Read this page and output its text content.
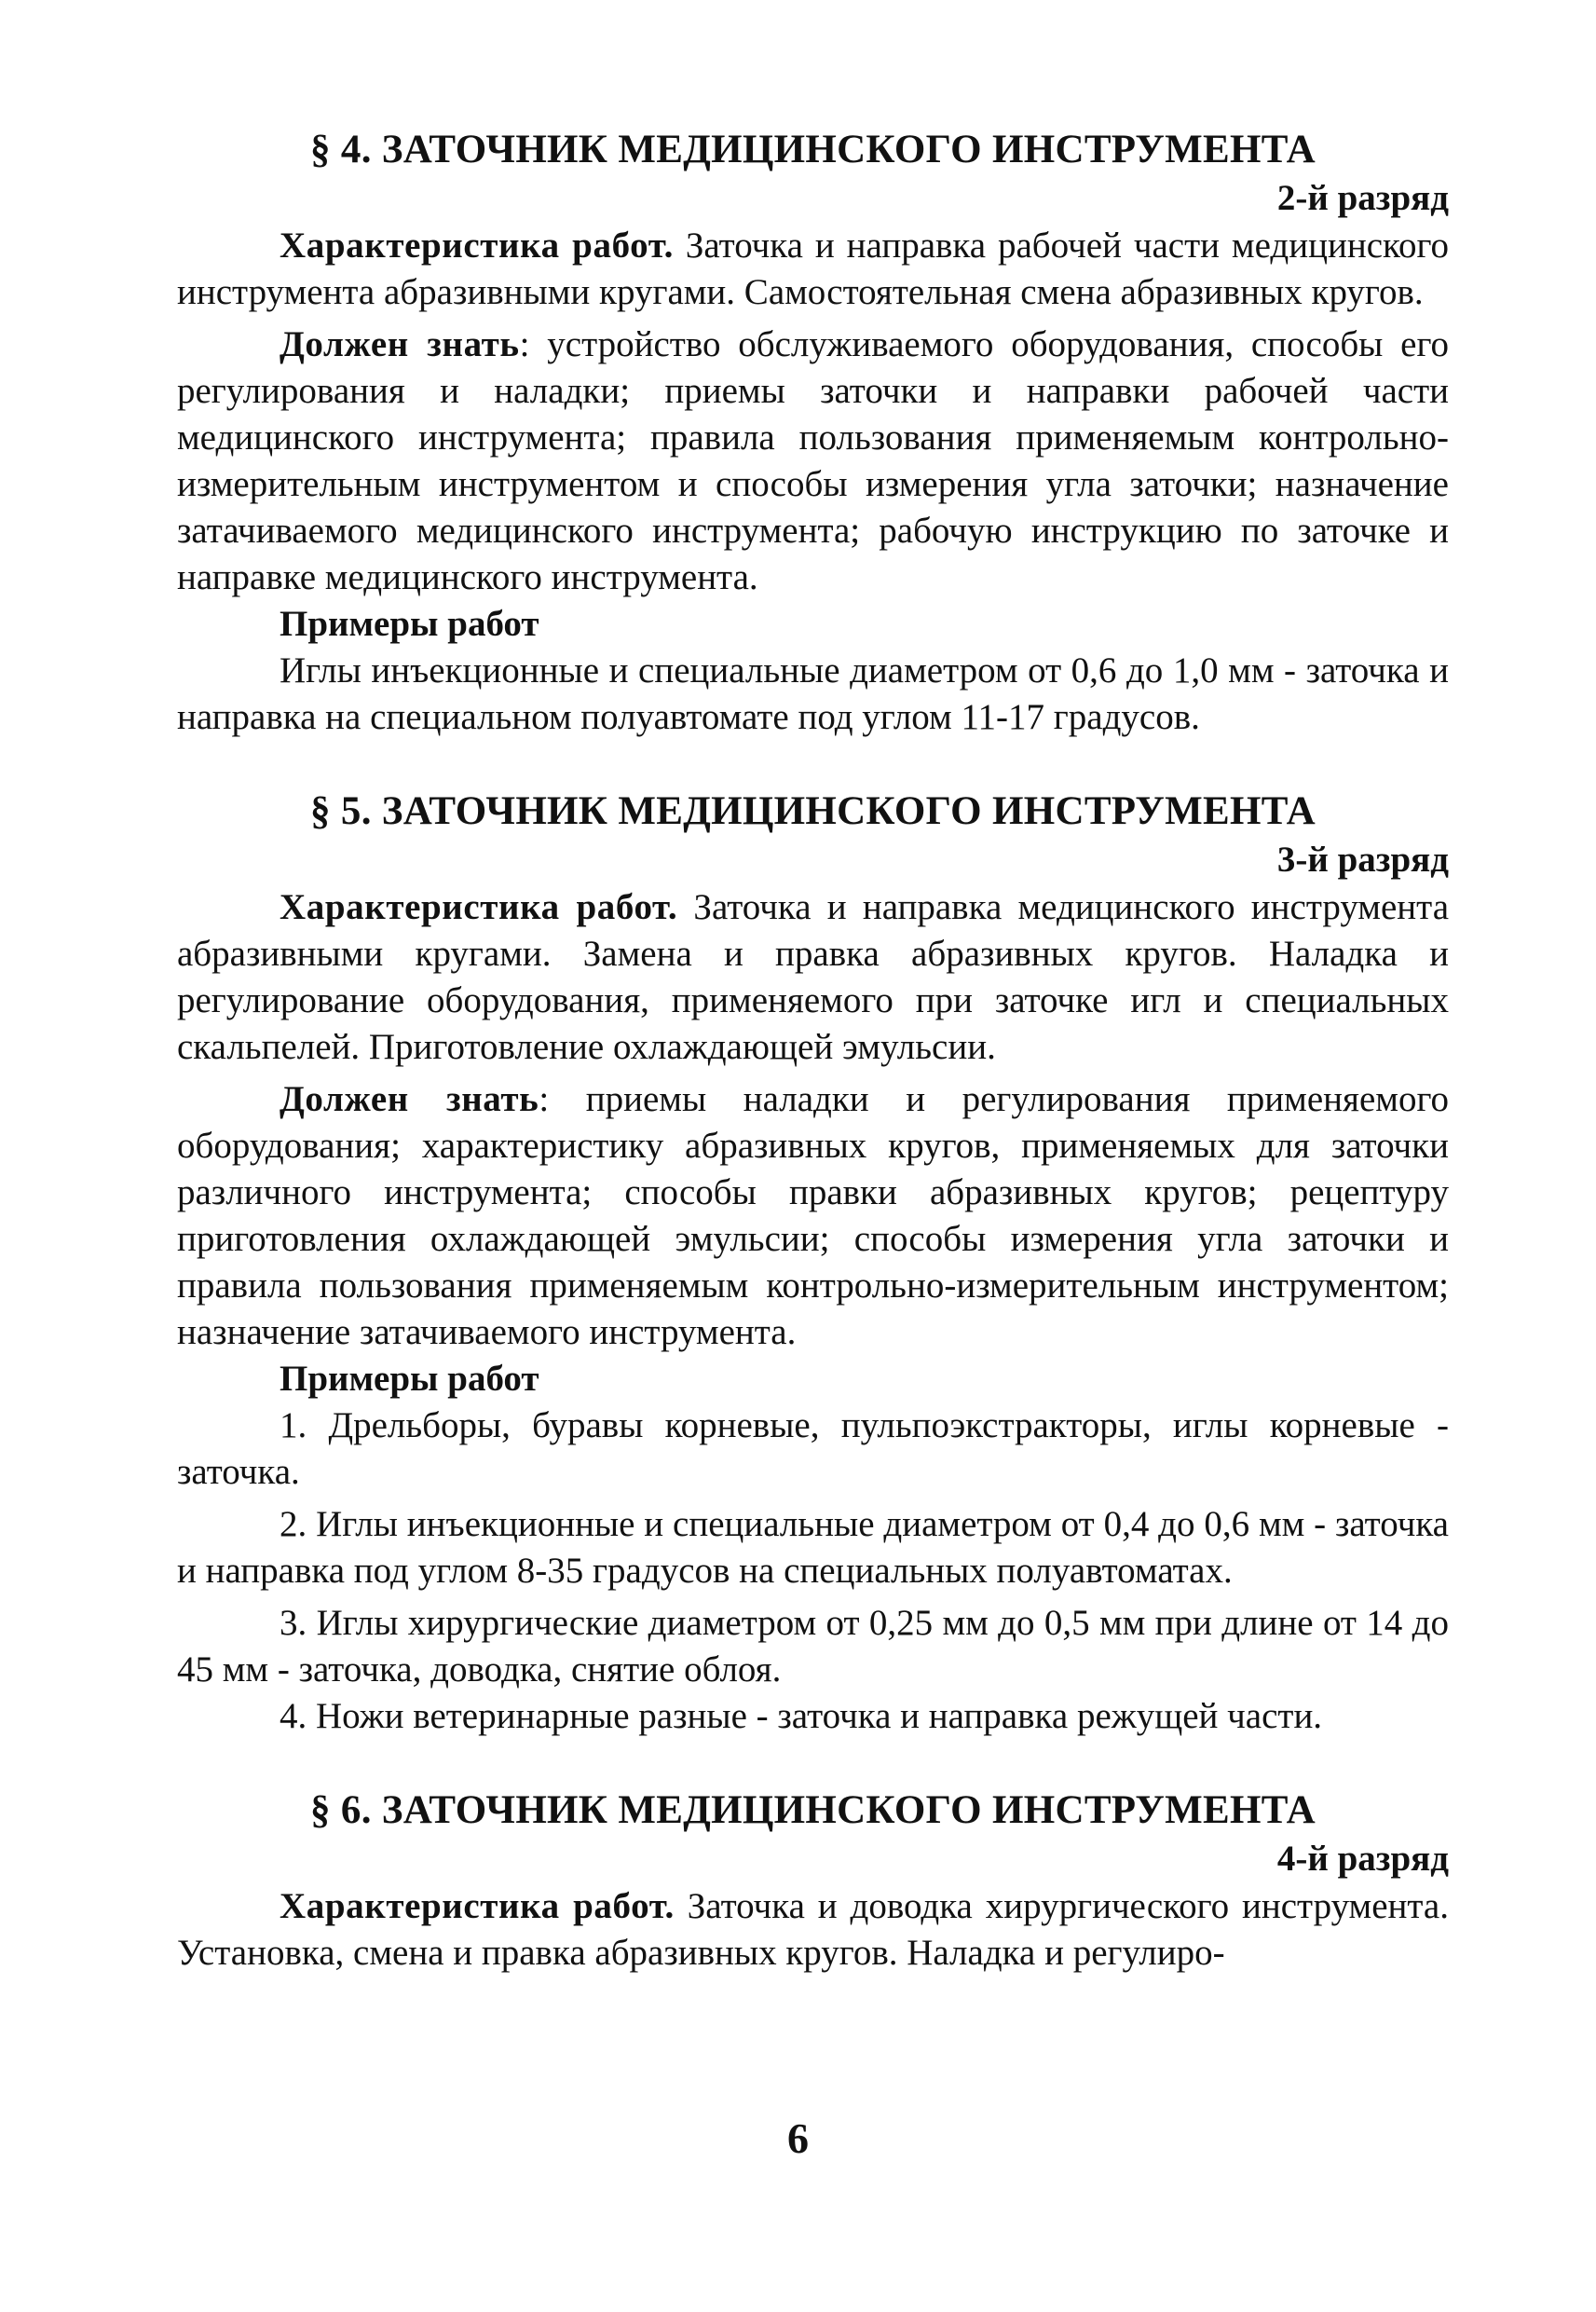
§ 4. ЗАТОЧНИК МЕДИЦИНСКОГО ИНСТРУМЕНТА
2-й разряд

Характеристика работ. Заточка и направка рабочей части медицинского инструмента абразивными кругами. Самостоятельная смена абразивных кругов.

Должен знать: устройство обслуживаемого оборудования, способы его регулирования и наладки; приемы заточки и направки рабочей части медицинского инструмента; правила пользования применяемым контрольно-измерительным инструментом и способы измерения угла заточки; назначение затачиваемого медицинского инструмента; рабочую инструкцию по заточке и направке медицинского инструмента.

Примеры работ

Иглы инъекционные и специальные диаметром от 0,6 до 1,0 мм - заточка и направка на специальном полуавтомате под углом 11-17 градусов.

§ 5. ЗАТОЧНИК МЕДИЦИНСКОГО ИНСТРУМЕНТА
3-й разряд

Характеристика работ. Заточка и направка медицинского инструмента абразивными кругами. Замена и правка абразивных кругов. Наладка и регулирование оборудования, применяемого при заточке игл и специальных скальпелей. Приготовление охлаждающей эмульсии.

Должен знать: приемы наладки и регулирования применяемого оборудования; характеристику абразивных кругов, применяемых для заточки различного инструмента; способы правки абразивных кругов; рецептуру приготовления охлаждающей эмульсии; способы измерения угла заточки и правила пользования применяемым контрольно-измерительным инструментом; назначение затачиваемого инструмента.

Примеры работ

1. Дрельборы, буравы корневые, пульпоэкстракторы, иглы корневые - заточка.

2. Иглы инъекционные и специальные диаметром от 0,4 до 0,6 мм - заточка и направка под углом 8-35 градусов на специальных полуавтоматах.

3. Иглы хирургические диаметром от 0,25 мм до 0,5 мм при длине от 14 до 45 мм - заточка, доводка, снятие облоя.

4. Ножи ветеринарные разные - заточка и направка режущей части.

§ 6. ЗАТОЧНИК МЕДИЦИНСКОГО ИНСТРУМЕНТА
4-й разряд

Характеристика работ. Заточка и доводка хирургического инструмента. Установка, смена и правка абразивных кругов. Наладка и регулиро-

6
